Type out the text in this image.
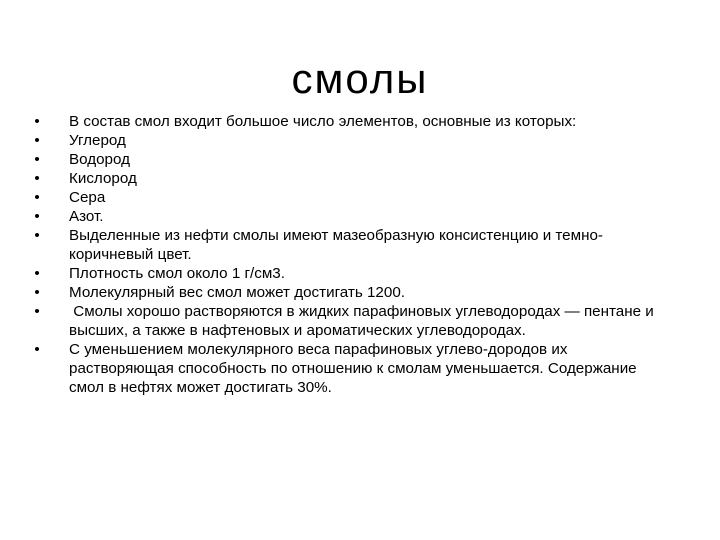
смолы
• В состав смол входит большое число элементов, основные из которых:
• Углерод
• Водород
• Кислород
• Сера
• Азот.
• Выделенные из нефти смолы имеют мазеобразную консистенцию и темно-коричневый цвет.
• Плотность смол около 1 г/см3.
• Молекулярный вес смол может достигать 1200.
• Смолы хорошо растворяются в жидких парафиновых углеводородах — пентане и высших, а также в нафтеновых и ароматических углеводородах.
• С уменьшением молекулярного веса парафиновых углево-дородов их растворяющая способность по отношению к смолам уменьшается. Содержание смол в нефтях может достигать 30%.
